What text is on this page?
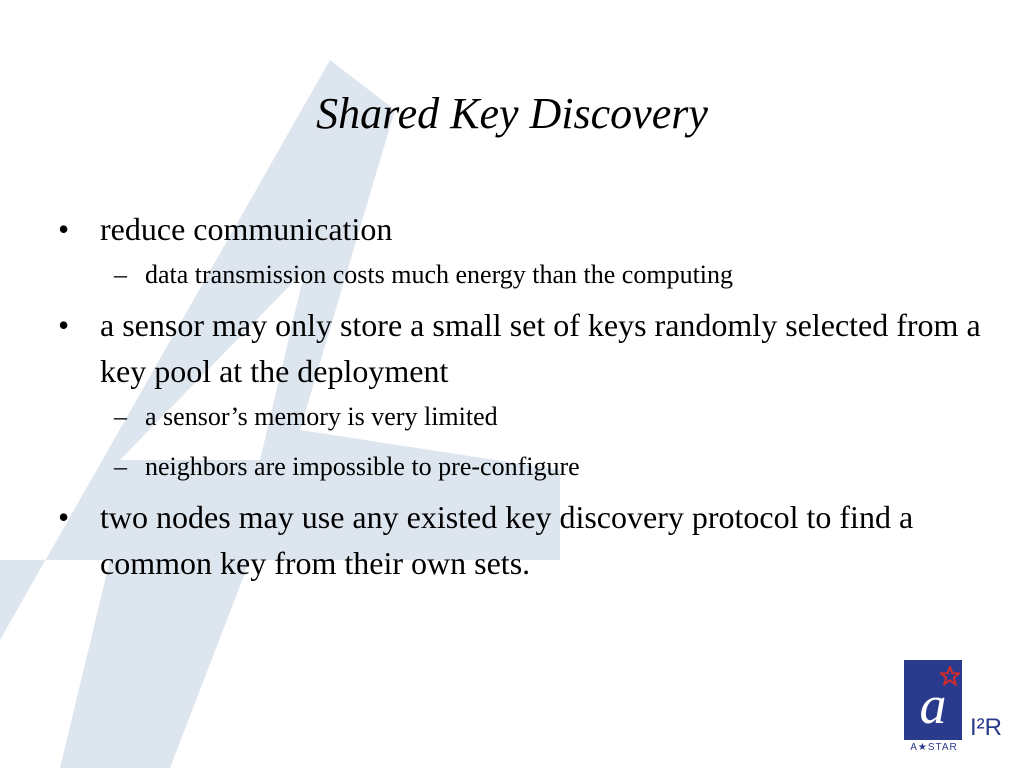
Shared Key Discovery
• reduce communication
– data transmission costs much energy than the computing
• a sensor may only store a small set of keys randomly selected from a key pool at the deployment
– a sensor’s memory is very limited
– neighbors are impossible to pre-configure
• two nodes may use any existed key discovery protocol to find a common key from their own sets.
a
A★STAR
I²R
